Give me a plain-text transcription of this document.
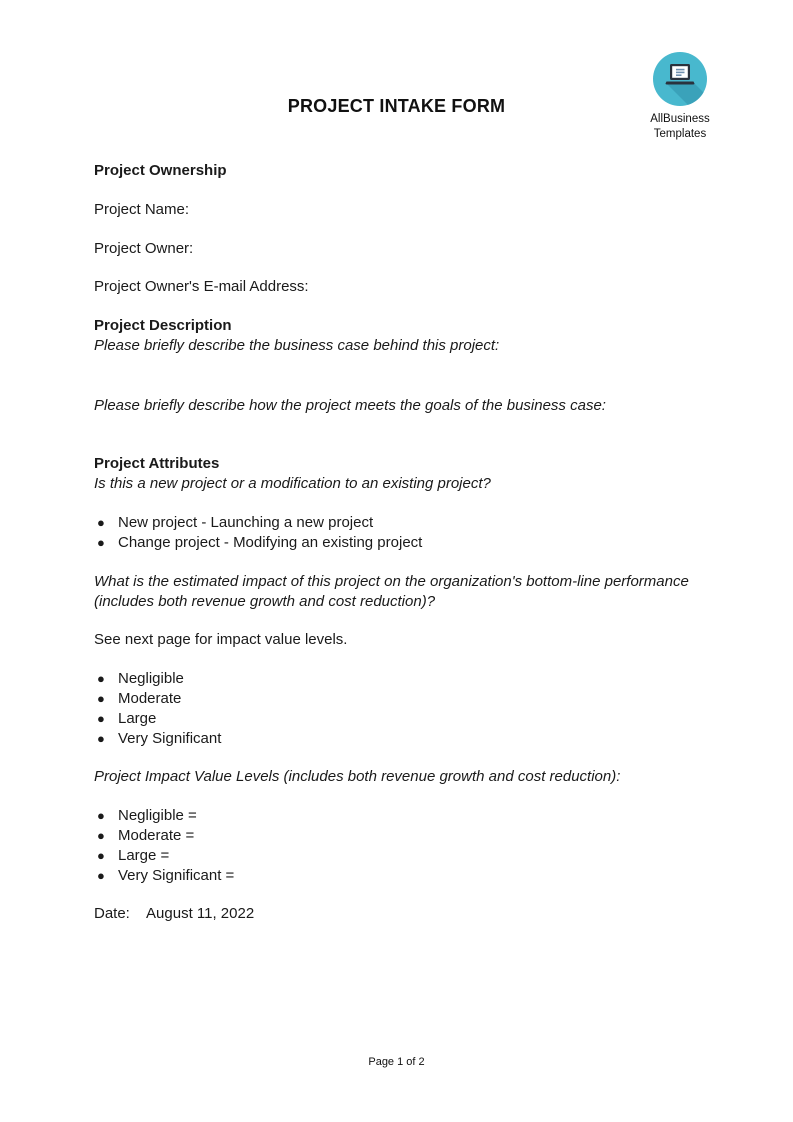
PROJECT INTAKE FORM
AllBusiness
Templates

Project Ownership

Project Name:

Project Owner:

Project Owner's E-mail Address:

Project Description

Please briefly describe the business case behind this project:

Please briefly describe how the project meets the goals of the business case:

Project Attributes

Is this a new project or a modification to an existing project?

● New project - Launching a new project
● Change project - Modifying an existing project

What is the estimated impact of this project on the organization's bottom-line performance

(includes both revenue growth and cost reduction)?

See next page for impact value levels.

● Negligible
● Moderate
● Large
● Very Significant

Project Impact Value Levels (includes both revenue growth and cost reduction):

● Negligible =
● Moderate =
● Large =
● Very Significant =

Date: August 11, 2022

Page 1 of 2
